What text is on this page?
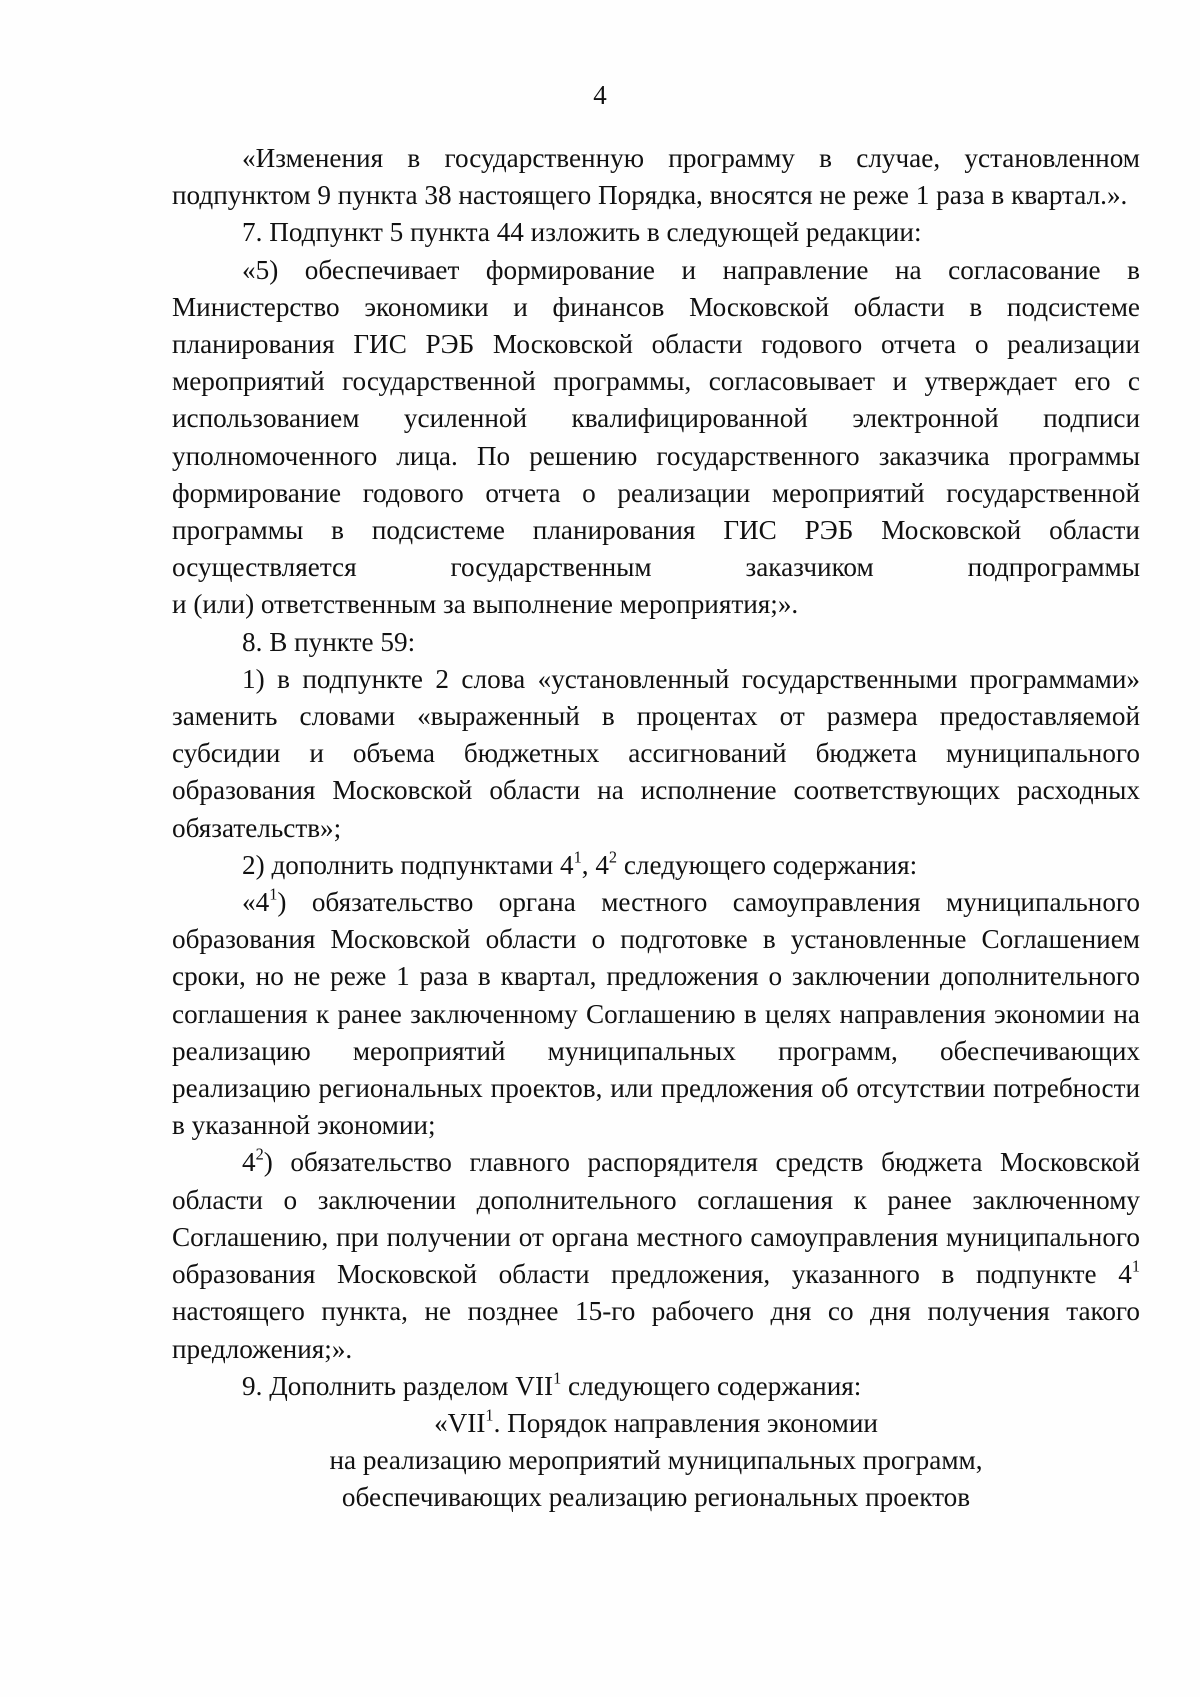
4

«Изменения в государственную программу в случае, установленном подпунктом 9 пункта 38 настоящего Порядка, вносятся не реже 1 раза в квартал.».

7. Подпункт 5 пункта 44 изложить в следующей редакции:

«5) обеспечивает формирование и направление на согласование в Министерство экономики и финансов Московской области в подсистеме планирования ГИС РЭБ Московской области годового отчета о реализации мероприятий государственной программы, согласовывает и утверждает его с использованием усиленной квалифицированной электронной подписи уполномоченного лица. По решению государственного заказчика программы формирование годового отчета о реализации мероприятий государственной программы в подсистеме планирования ГИС РЭБ Московской области осуществляется государственным заказчиком подпрограммы

и (или) ответственным за выполнение мероприятия;».

8. В пункте 59:

1) в подпункте 2 слова «установленный государственными программами» заменить словами «выраженный в процентах от размера предоставляемой субсидии и объема бюджетных ассигнований бюджета муниципального образования Московской области на исполнение соответствующих расходных обязательств»;

2) дополнить подпунктами $4^1$, $4^2$ следующего содержания:

«$4^1$) обязательство органа местного самоуправления муниципального образования Московской области о подготовке в установленные Соглашением сроки, но не реже 1 раза в квартал, предложения о заключении дополнительного соглашения к ранее заключенному Соглашению в целях направления экономии на реализацию мероприятий муниципальных программ, обеспечивающих реализацию региональных проектов, или предложения об отсутствии потребности в указанной экономии;

$4^2$) обязательство главного распорядителя средств бюджета Московской области о заключении дополнительного соглашения к ранее заключенному Соглашению, при получении от органа местного самоуправления муниципального образования Московской области предложения, указанного в подпункте $4^1$ настоящего пункта, не позднее 15-го рабочего дня со дня получения такого предложения;».

9. Дополнить разделом VII$^1$ следующего содержания:

«VII$^1$. Порядок направления экономии

на реализацию мероприятий муниципальных программ,

обеспечивающих реализацию региональных проектов
